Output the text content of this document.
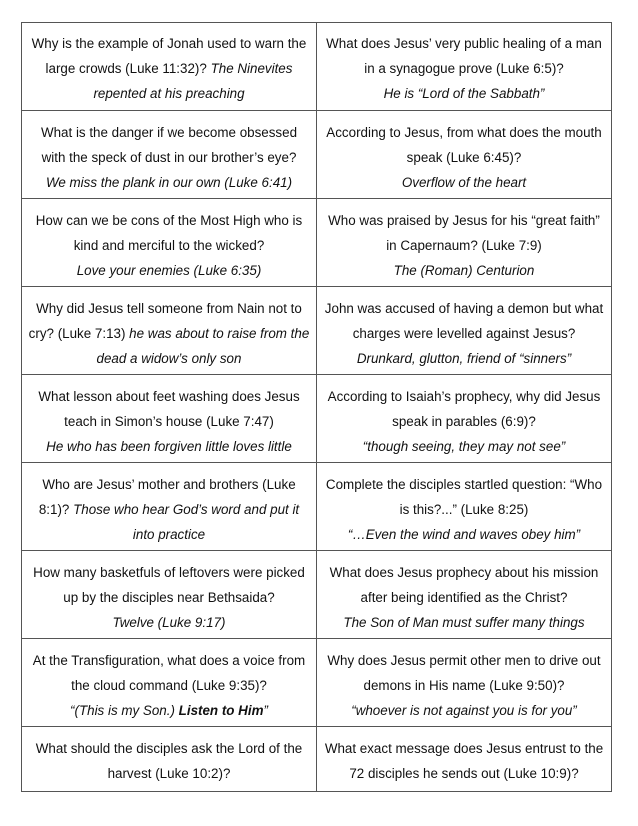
Why is the example of Jonah used to warn the large crowds (Luke 11:32)? The Ninevites repented at his preaching
What does Jesus’ very public healing of a man in a synagogue prove (Luke 6:5)?
He is “Lord of the Sabbath”
What is the danger if we become obsessed with the speck of dust in our brother’s eye?
We miss the plank in our own (Luke 6:41)
According to Jesus, from what does the mouth speak (Luke 6:45)?
Overflow of the heart
How can we be cons of the Most High who is kind and merciful to the wicked?
Love your enemies (Luke 6:35)
Who was praised by Jesus for his “great faith” in Capernaum? (Luke 7:9)
The (Roman) Centurion
Why did Jesus tell someone from Nain not to cry? (Luke 7:13) he was about to raise from the dead a widow’s only son
John was accused of having a demon but what charges were levelled against Jesus?
Drunkard, glutton, friend of “sinners”
What lesson about feet washing does Jesus teach in Simon’s house (Luke 7:47)
He who has been forgiven little loves little
According to Isaiah’s prophecy, why did Jesus speak in parables (6:9)?
“though seeing, they may not see”
Who are Jesus’ mother and brothers (Luke 8:1)? Those who hear God’s word and put it into practice
Complete the disciples startled question: “Who is this?...” (Luke 8:25)
“…Even the wind and waves obey him”
How many basketfuls of leftovers were picked up by the disciples near Bethsaida?
Twelve (Luke 9:17)
What does Jesus prophecy about his mission after being identified as the Christ?
The Son of Man must suffer many things
At the Transfiguration, what does a voice from the cloud command (Luke 9:35)?
“(This is my Son.) Listen to Him”
Why does Jesus permit other men to drive out demons in His name (Luke 9:50)?
“whoever is not against you is for you”
What should the disciples ask the Lord of the harvest (Luke 10:2)?
What exact message does Jesus entrust to the 72 disciples he sends out (Luke 10:9)?
